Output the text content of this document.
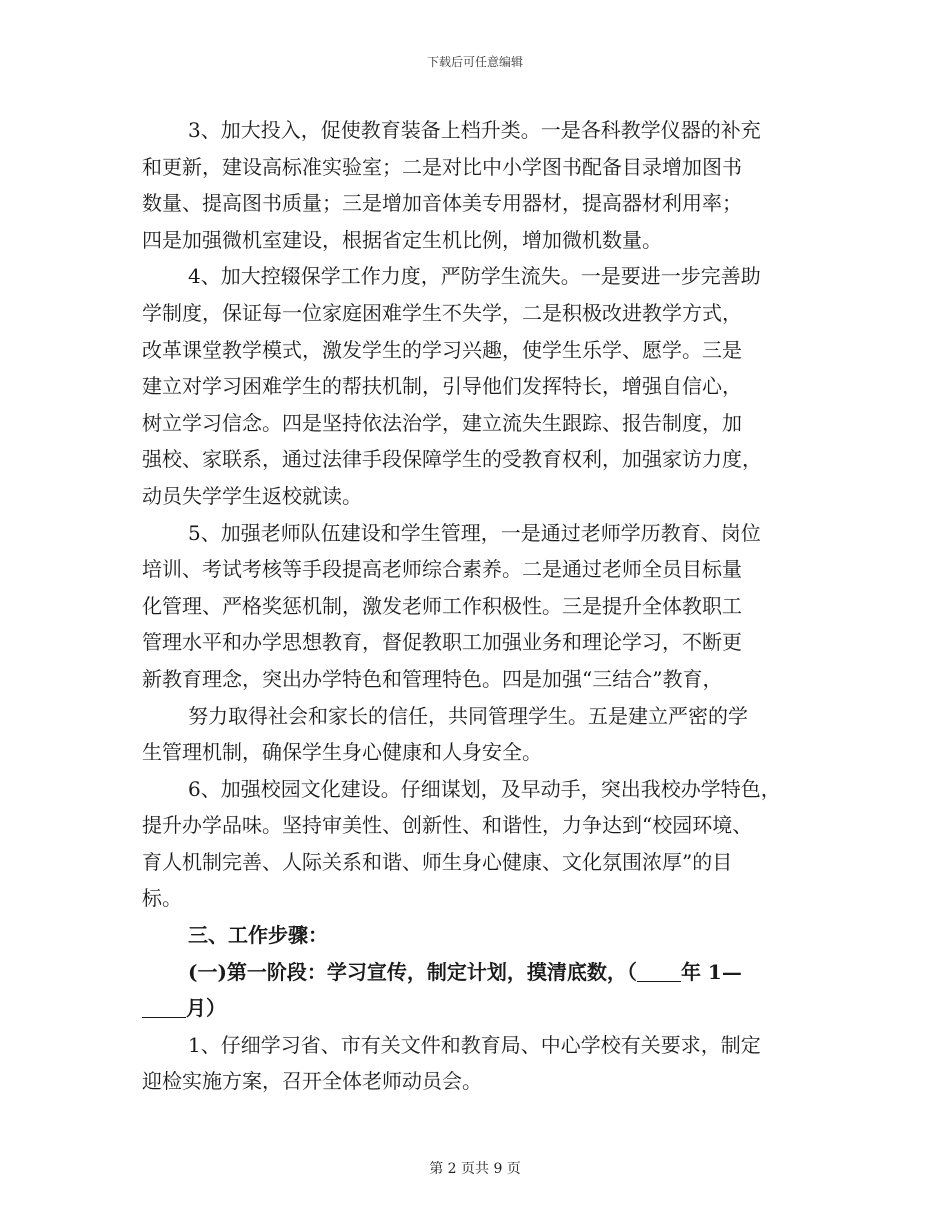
下载后可任意编辑
3、加大投入，促使教育装备上档升类。一是各科教学仪器的补充
和更新，建设高标准实验室；二是对比中小学图书配备目录增加图书
数量、提高图书质量；三是增加音体美专用器材，提高器材利用率；
四是加强微机室建设，根据省定生机比例，增加微机数量。
4、加大控辍保学工作力度，严防学生流失。一是要进一步完善助
学制度，保证每一位家庭困难学生不失学，二是积极改进教学方式，
改革课堂教学模式，激发学生的学习兴趣，使学生乐学、愿学。三是
建立对学习困难学生的帮扶机制，引导他们发挥特长，增强自信心，
树立学习信念。四是坚持依法治学，建立流失生跟踪、报告制度，加
强校、家联系，通过法律手段保障学生的受教育权利，加强家访力度，
动员失学学生返校就读。
5、加强老师队伍建设和学生管理，一是通过老师学历教育、岗位
培训、考试考核等手段提高老师综合素养。二是通过老师全员目标量
化管理、严格奖惩机制，激发老师工作积极性。三是提升全体教职工
管理水平和办学思想教育，督促教职工加强业务和理论学习，不断更
新教育理念，突出办学特色和管理特色。四是加强“三结合”教育，
努力取得社会和家长的信任，共同管理学生。五是建立严密的学
生管理机制，确保学生身心健康和人身安全。
6、加强校园文化建设。仔细谋划，及早动手，突出我校办学特色，
提升办学品味。坚持审美性、创新性、和谐性，力争达到“校园环境、
育人机制完善、人际关系和谐、师生身心健康、文化氛围浓厚”的目
标。
三、工作步骤：
(一)第一阶段：学习宣传，制定计划，摸清底数，（ 年 1—
月）
1、仔细学习省、市有关文件和教育局、中心学校有关要求，制定
迎检实施方案，召开全体老师动员会。
第 2 页共 9 页
